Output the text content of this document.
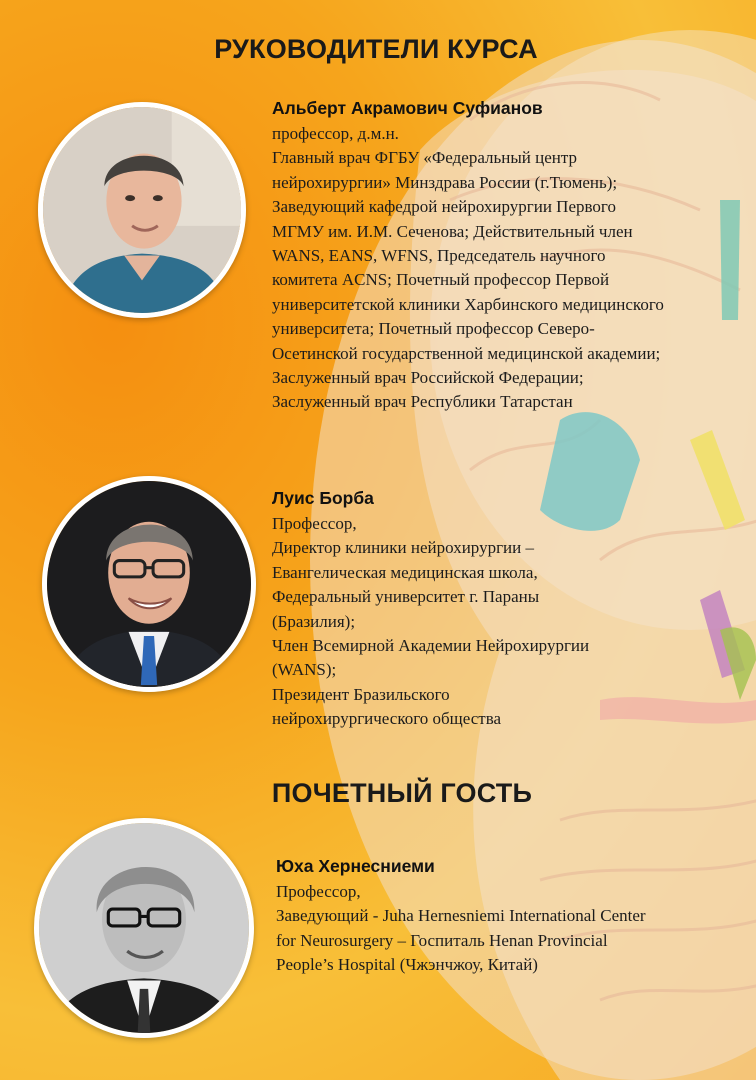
РУКОВОДИТЕЛИ КУРСА
Альберт Акрамович Суфианов
профессор, д.м.н.
Главный врач ФГБУ «Федеральный центр
нейрохирургии» Минздрава России (г.Тюмень);
Заведующий кафедрой нейрохирургии Первого
МГМУ им. И.М. Сеченова; Действительный член
WANS, EANS, WFNS, Председатель научного
комитета ACNS; Почетный профессор Первой
университетской клиники Харбинского медицинского
университета; Почетный профессор Северо-
Осетинской государственной медицинской академии;
Заслуженный врач Российской Федерации;
Заслуженный врач Республики Татарстан
Луис Борба
Профессор,
Директор клиники нейрохирургии –
Евангелическая медицинская школа,
Федеральный университет г. Параны
(Бразилия);
Член Всемирной Академии Нейрохирургии
(WANS);
Президент Бразильского
нейрохирургического общества
ПОЧЕТНЫЙ ГОСТЬ
Юха Хернесниеми
Профессор,
Заведующий - Juha Hernesniemi International Center
for Neurosurgery – Госпиталь Henan Provincial
People’s Hospital (Чжэнчжоу, Китай)
